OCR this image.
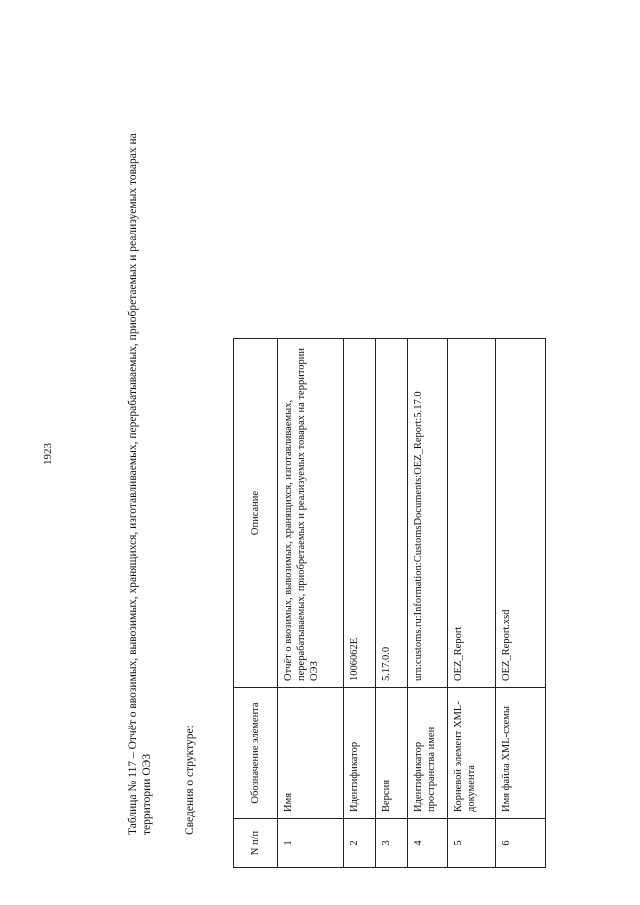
1923	Таблица № 117 – Отчёт о ввозимых, вывозимых, хранящихся, изготавливаемых, перерабатываемых, приобретаемых и реализуемых товарах на территории ОЭЗ	Сведения о структуре:
N п/п	Обозначение элемента	Описание
1	Имя	Отчёт о ввозимых, вывозимых, хранящихся, изготавливаемых, перерабатываемых, приобретаемых и реализуемых товарах на территории ОЭЗ
2	Идентификатор	1006062E
3	Версия	5.17.0.0
4	Идентификатор пространства имен	urn:customs.ru:Information:CustomsDocuments:OEZ_Report:5.17.0
5	Корневой элемент XML-документа	OEZ_Report
6	Имя файла XML-схемы	OEZ_Report.xsd
